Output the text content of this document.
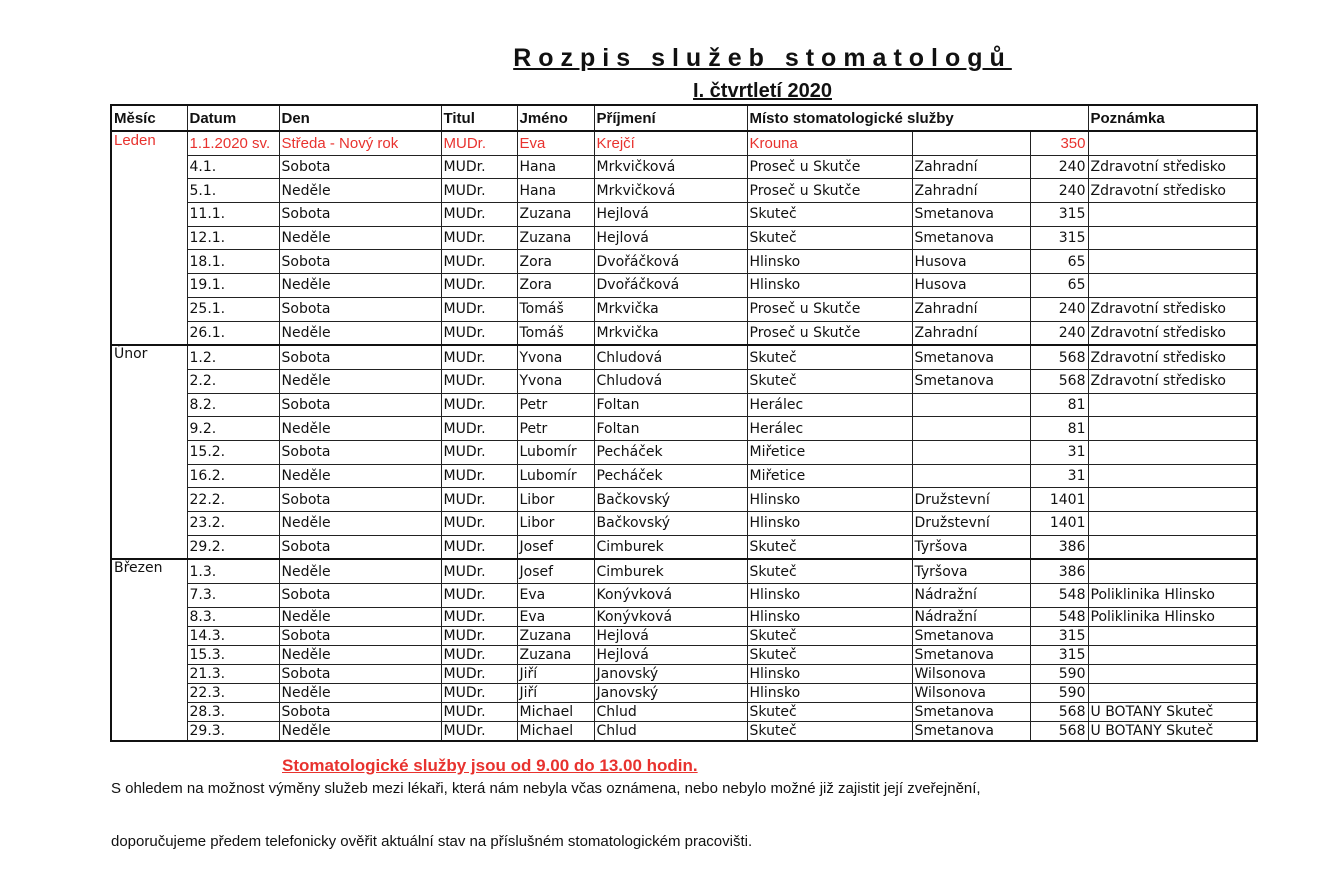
Rozpis služeb stomatologů
I. čtvrtletí 2020
Měsíc	Datum	Den	Titul	Jméno	Příjmení	Místo stomatologické služby			Poznámka
Leden	1.1.2020 sv.	Středa - Nový rok	MUDr.	Eva	Krejčí	Krouna		350	
	4.1.	Sobota	MUDr.	Hana	Mrkvičková	Proseč u Skutče	Zahradní	240	Zdravotní středisko
	5.1.	Neděle	MUDr.	Hana	Mrkvičková	Proseč u Skutče	Zahradní	240	Zdravotní středisko
	11.1.	Sobota	MUDr.	Zuzana	Hejlová	Skuteč	Smetanova	315	
	12.1.	Neděle	MUDr.	Zuzana	Hejlová	Skuteč	Smetanova	315	
	18.1.	Sobota	MUDr.	Zora	Dvořáčková	Hlinsko	Husova	65	
	19.1.	Neděle	MUDr.	Zora	Dvořáčková	Hlinsko	Husova	65	
	25.1.	Sobota	MUDr.	Tomáš	Mrkvička	Proseč u Skutče	Zahradní	240	Zdravotní středisko
	26.1.	Neděle	MUDr.	Tomáš	Mrkvička	Proseč u Skutče	Zahradní	240	Zdravotní středisko
Únor	1.2.	Sobota	MUDr.	Yvona	Chludová	Skuteč	Smetanova	568	Zdravotní středisko
	2.2.	Neděle	MUDr.	Yvona	Chludová	Skuteč	Smetanova	568	Zdravotní středisko
	8.2.	Sobota	MUDr.	Petr	Foltan	Herálec		81	
	9.2.	Neděle	MUDr.	Petr	Foltan	Herálec		81	
	15.2.	Sobota	MUDr.	Lubomír	Pecháček	Miřetice		31	
	16.2.	Neděle	MUDr.	Lubomír	Pecháček	Miřetice		31	
	22.2.	Sobota	MUDr.	Libor	Bačkovský	Hlinsko	Družstevní	1401	
	23.2.	Neděle	MUDr.	Libor	Bačkovský	Hlinsko	Družstevní	1401	
	29.2.	Sobota	MUDr.	Josef	Cimburek	Skuteč	Tyršova	386	
Březen	1.3.	Neděle	MUDr.	Josef	Cimburek	Skuteč	Tyršova	386	
	7.3.	Sobota	MUDr.	Eva	Konývková	Hlinsko	Nádražní	548	Poliklinika Hlinsko
	8.3.	Neděle	MUDr.	Eva	Konývková	Hlinsko	Nádražní	548	Poliklinika Hlinsko
	14.3.	Sobota	MUDr.	Zuzana	Hejlová	Skuteč	Smetanova	315	
	15.3.	Neděle	MUDr.	Zuzana	Hejlová	Skuteč	Smetanova	315	
	21.3.	Sobota	MUDr.	Jiří	Janovský	Hlinsko	Wilsonova	590	
	22.3.	Neděle	MUDr.	Jiří	Janovský	Hlinsko	Wilsonova	590	
	28.3.	Sobota	MUDr.	Michael	Chlud	Skuteč	Smetanova	568	U BOTANY Skuteč
	29.3.	Neděle	MUDr.	Michael	Chlud	Skuteč	Smetanova	568	U BOTANY Skuteč
Stomatologické služby jsou od 9.00 do 13.00 hodin.
S ohledem na možnost výměny služeb mezi lékaři, která nám nebyla včas oznámena, nebo nebylo možné již zajistit její zveřejnění,
doporučujeme předem telefonicky ověřit aktuální stav na příslušném stomatologickém pracovišti.
